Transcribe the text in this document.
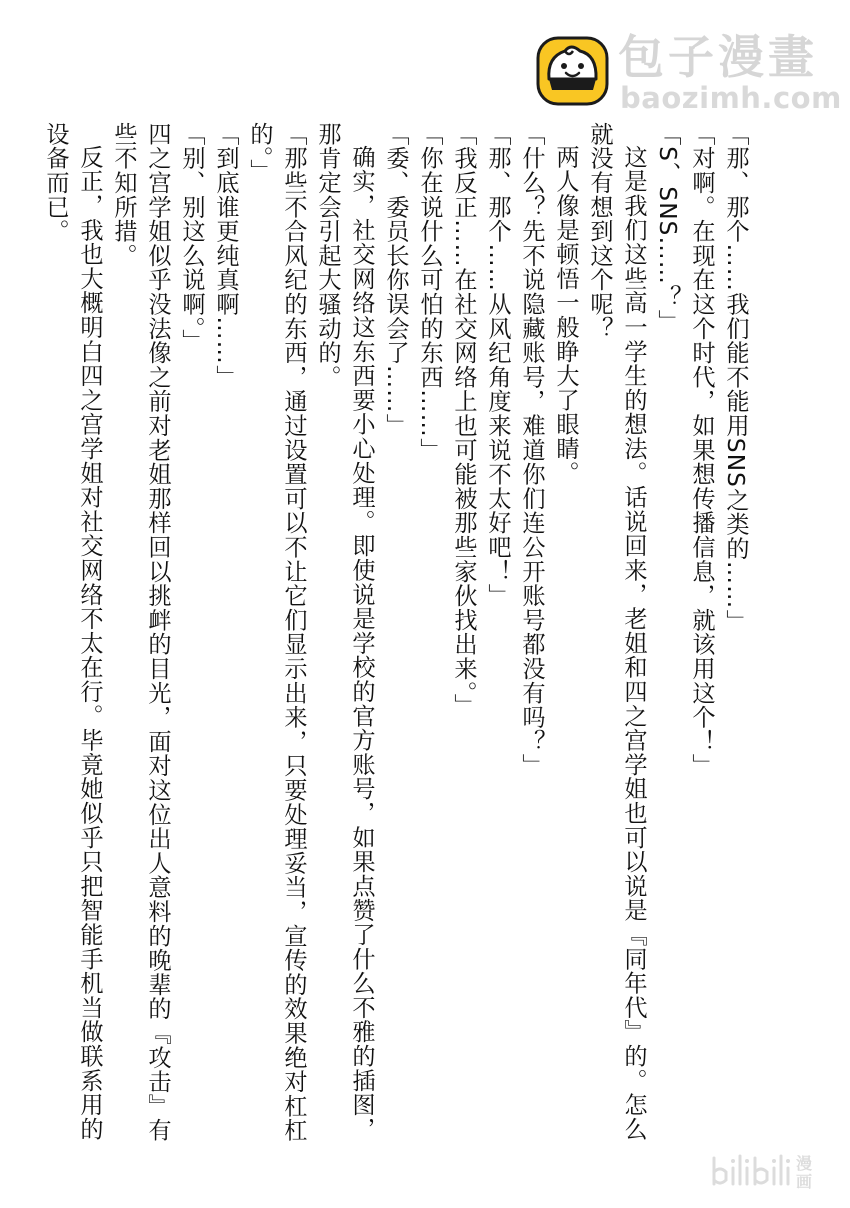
包子漫畫
baozimh.com

「那、那个……我们能不能用SNS之类的……」

「对啊。在现在这个时代，如果想传播信息，就该用这个！」

「S、SNS……？」

这是我们这些高一学生的想法。话说回来，老姐和四之宫学姐也可以说是『同年代』的。怎么就没有想到这个呢？

两人像是顿悟一般睁大了眼睛。

「什么？先不说隐藏账号，难道你们连公开账号都没有吗？」

「那、那个……从风纪角度来说不太好吧！」

「我反正……在社交网络上也可能被那些家伙找出来。」

「你在说什么可怕的东西……」

「委、委员长你误会了……」

确实，社交网络这东西要小心处理。即使说是学校的官方账号，如果点赞了什么不雅的插图，那肯定会引起大骚动的。

「那些不合风纪的东西，通过设置可以不让它们显示出来，只要处理妥当，宣传的效果绝对杠杠的。」

「到底谁更纯真啊……」

「别、别这么说啊。」

四之宫学姐似乎没法像之前对老姐那样回以挑衅的目光，面对这位出人意料的晚辈的『攻击』有些不知所措。

反正，我也大概明白四之宫学姐对社交网络不太在行。毕竟她似乎只把智能手机当做联系用的设备而已。

漫
画
